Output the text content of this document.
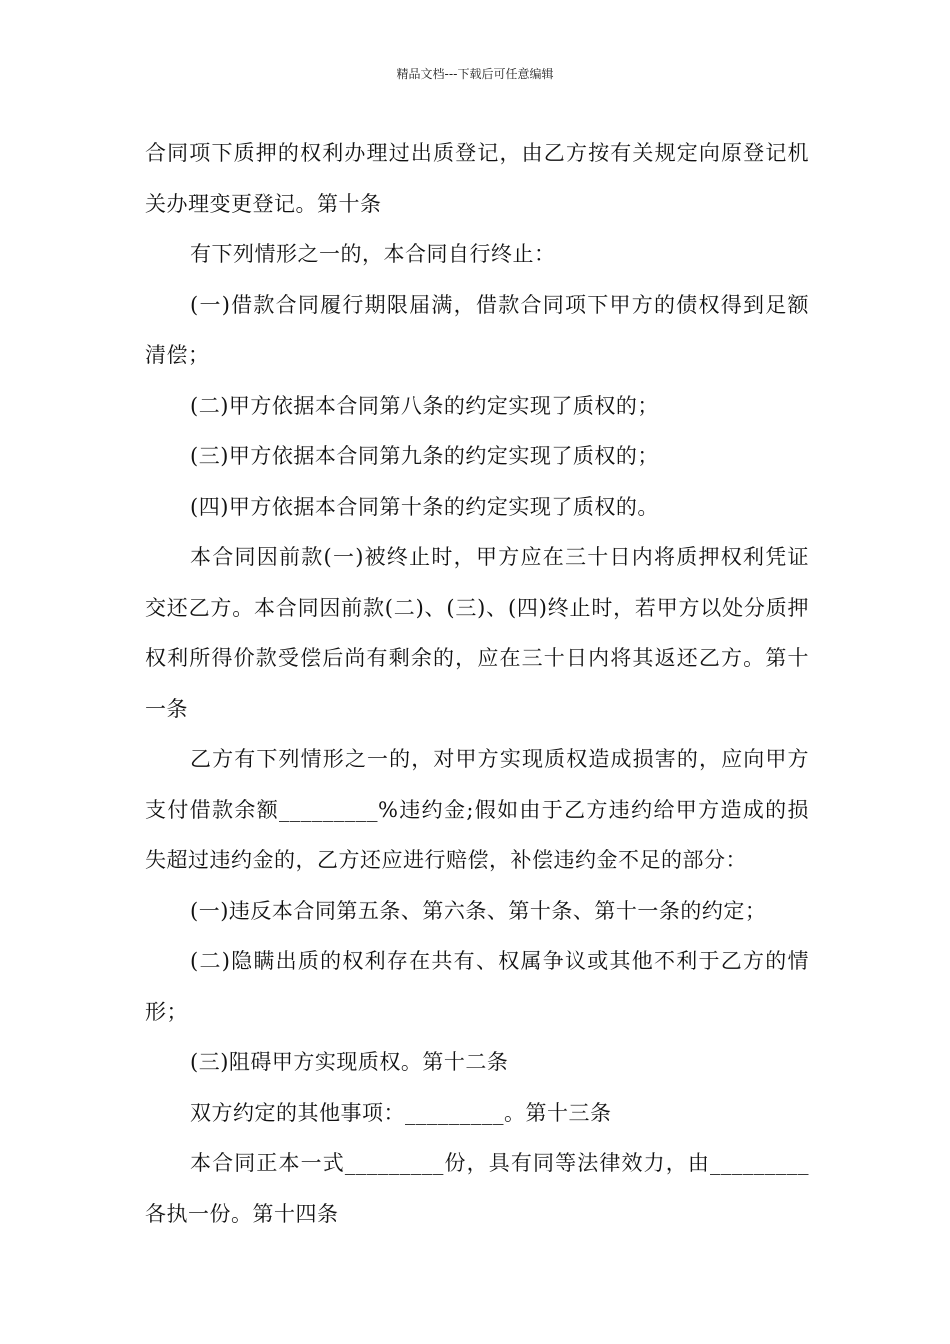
精品文档---下载后可任意编辑

合同项下质押的权利办理过出质登记，由乙方按有关规定向原登记机关办理变更登记。第十条

有下列情形之一的，本合同自行终止：

(一)借款合同履行期限届满，借款合同项下甲方的债权得到足额清偿；

(二)甲方依据本合同第八条的约定实现了质权的；

(三)甲方依据本合同第九条的约定实现了质权的；

(四)甲方依据本合同第十条的约定实现了质权的。

本合同因前款(一)被终止时，甲方应在三十日内将质押权利凭证交还乙方。本合同因前款(二)、(三)、(四)终止时，若甲方以处分质押权利所得价款受偿后尚有剩余的，应在三十日内将其返还乙方。第十一条

乙方有下列情形之一的，对甲方实现质权造成损害的，应向甲方支付借款余额_________%违约金;假如由于乙方违约给甲方造成的损失超过违约金的，乙方还应进行赔偿，补偿违约金不足的部分：

(一)违反本合同第五条、第六条、第十条、第十一条的约定；

(二)隐瞒出质的权利存在共有、权属争议或其他不利于乙方的情形；

(三)阻碍甲方实现质权。第十二条

双方约定的其他事项：_________。第十三条

本合同正本一式_________份，具有同等法律效力，由_________各执一份。第十四条
